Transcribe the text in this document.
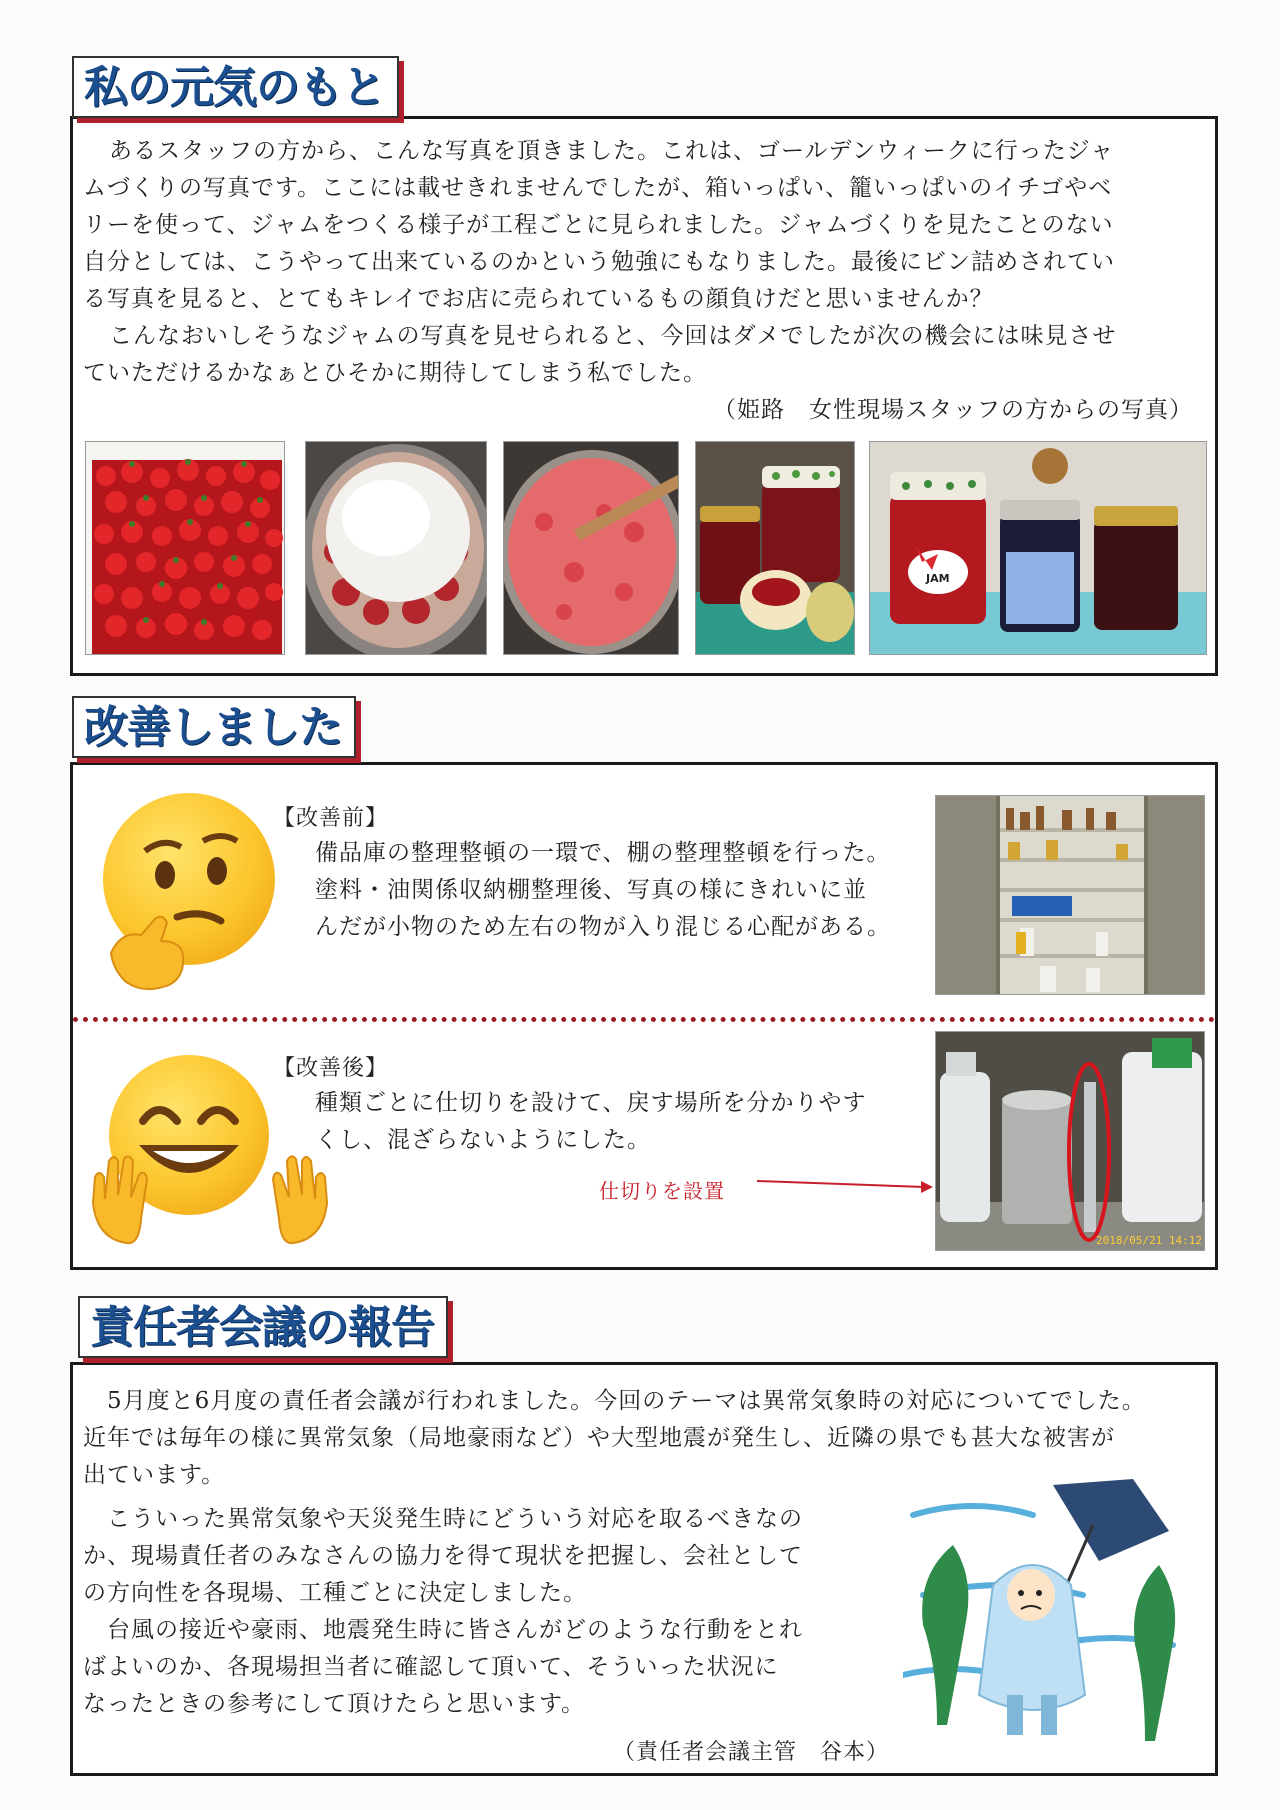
私の元気のもと
あるスタッフの方から、こんな写真を頂きました。これは、ゴールデンウィークに行ったジャ
ムづくりの写真です。ここには載せきれませんでしたが、箱いっぱい、籠いっぱいのイチゴやベ
リーを使って、ジャムをつくる様子が工程ごとに見られました。ジャムづくりを見たことのない
自分としては、こうやって出来ているのかという勉強にもなりました。最後にビン詰めされてい
る写真を見ると、とてもキレイでお店に売られているもの顔負けだと思いませんか？
こんなおいしそうなジャムの写真を見せられると、今回はダメでしたが次の機会には味見させ
ていただけるかなぁとひそかに期待してしまう私でした。
（姫路　女性現場スタッフの方からの写真）
JAM
改善しました
【改善前】
備品庫の整理整頓の一環で、棚の整理整頓を行った。
塗料・油関係収納棚整理後、写真の様にきれいに並
んだが小物のため左右の物が入り混じる心配がある。
【改善後】
種類ごとに仕切りを設けて、戻す場所を分かりやす
くし、混ざらないようにした。
仕切りを設置
2018/05/21 14:12
責任者会議の報告
5月度と6月度の責任者会議が行われました。今回のテーマは異常気象時の対応についてでした。
近年では毎年の様に異常気象（局地豪雨など）や大型地震が発生し、近隣の県でも甚大な被害が
出ています。
こういった異常気象や天災発生時にどういう対応を取るべきなの
か、現場責任者のみなさんの協力を得て現状を把握し、会社として
の方向性を各現場、工種ごとに決定しました。
台風の接近や豪雨、地震発生時に皆さんがどのような行動をとれ
ばよいのか、各現場担当者に確認して頂いて、そういった状況に
なったときの参考にして頂けたらと思います。
（責任者会議主管　谷本）
